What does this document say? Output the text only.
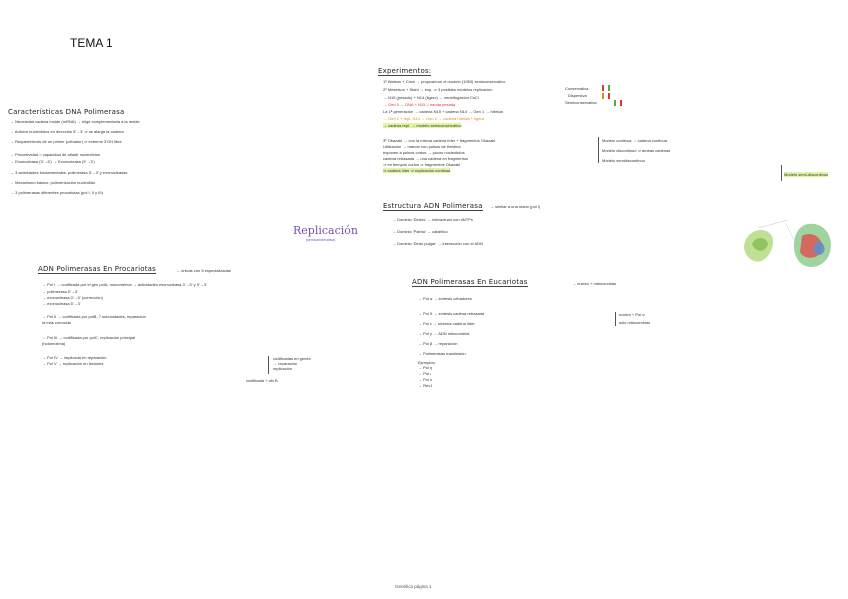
TEMA 1
Replicación
(semiconservativa)
Características DNA Polimerasa
→ Necesidad cadena molde (mRNA) → elige complementaria a la molde
→ Adición nucleótidos en dirección 5'→3' ⇒ se alarga la cadena
→ Requerimiento de un primer (cebador) ⇒ extremo 3'OH libre
→ Procesividad = capacidad de añadir nucleótidos
→ Exonucleasa (3'→5') → Exonucleasa (5'→3')
→ 3 actividades fundamentales: polimerasa 5'→3' y exonucleasas
→ Mecanismo básico: polimerización nucleótido
→ 3 polimerasas diferentes procariotas (pol I, II y III)
Experimentos:
1º Watson + Crick → propusieron el modelo (1953) semiconservativo
2º Meselson + Stahl → exp. ⇒ 3 posibles modelos replicación
→ N15 (pesado) + N14 (ligero) → centrifugación CsCl
→ Gen 0 → DNA + N15 = banda pesada
La 1ª generación → cadena N15 + cadena N14 → Gen 1 → híbrida
→ Gen 1 + repl. N14 → Gen 2 → cadena híbrida + ligera
→ cadena repl. → modelo semiconservativo
3º Okazaki → con la misma cadena líder + fragmentos Okazaki
Utilización → marcar con pulsos de timidina
exponen a pulsos cortos → pocos nucleótidos
cadena retrasada → una cadena en fragmentos
⇒ en tiempos cortos ⇒ fragmentos Okazaki
⇒ cadena líder ⇒ replicación continua
Conservativa
Dispersiva
Semiconservativa
Modelo continua → cadena continua
Modelo discontinuo ⇒ ambas cadenas
Modelo semidiscontinuo
Modelo semi-discontinuo
Estructura ADN Polimerasa → similar a una mano (pol I)
→ Dominio 'Dedos' → interactúan con dNTPs
→ Dominio 'Palma' → catalítico
→ Dominio 'Dedo pulgar' → interacción con el ADN
ADN Polimerasas En Procariotas	→ únicas con 5 especializadas
→ Pol I → codificada por el gen polA, monomérica → actividades exonucleasa 3'→5' y 5'→3'
→ polimerasa 5'→3'
→ exonucleasa 3'→5' (corrección)
→ exonucleasa 5'→3'
→ Pol II → codificada por polB, 7 subunidades, reparación
la más conocida
→ Pol III → codificada por polC, replicación principal
(holoenzima)
→ Pol IV → implicada en reparación
→ Pol V → replicación en lesiones
codificadas en genes
→ reparación
replicación
codificada + din B
ADN Polimerasas En Eucariotas	→ núcleo + mitocondrias
→ Pol α → síntesis cebadores
→ Pol δ → síntesis cadena retrasada
→ Pol ε → síntesis cadena líder
→ Pol γ → ADN mitocondrial
→ Pol β → reparación
→ Polimerasas translesión
Ejemplos:
→ Pol η
→ Pol ι
→ Pol κ
→ Rev1
núcleo + Pol α
sólo mitocondrias
Genética página 1
